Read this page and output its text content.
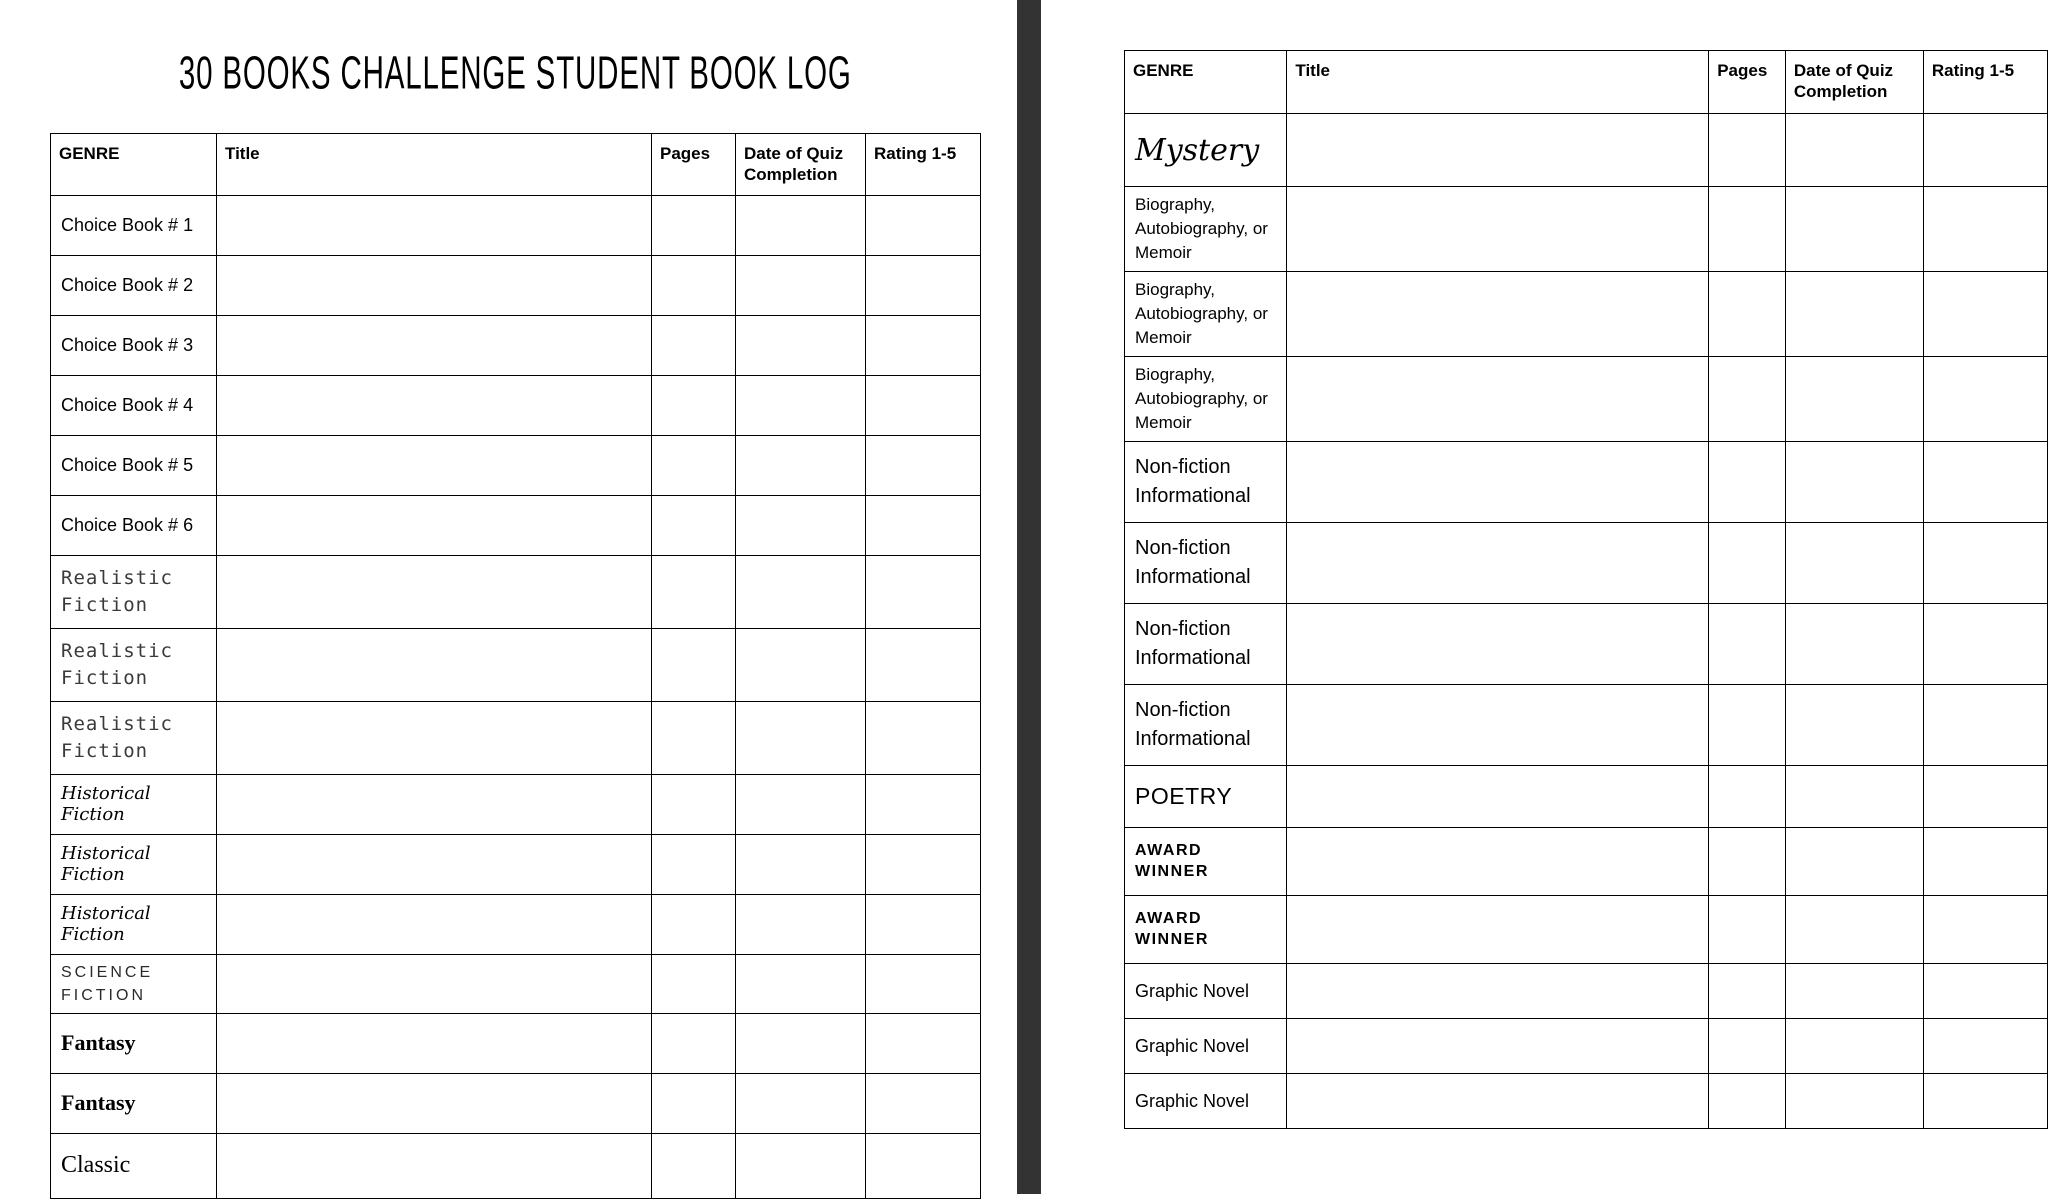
30 BOOKS CHALLENGE STUDENT BOOK LOG
GENRE	Title	Pages	Date of Quiz Completion	Rating 1-5
Choice Book # 1				
Choice Book # 2				
Choice Book # 3				
Choice Book # 4				
Choice Book # 5				
Choice Book # 6				
Realistic Fiction				
Realistic Fiction				
Realistic Fiction				
Historical Fiction				
Historical Fiction				
Historical Fiction				
SCIENCE FICTION				
Fantasy				
Fantasy				
Classic				
GENRE	Title	Pages	Date of Quiz Completion	Rating 1-5
Mystery				
Biography, Autobiography, or Memoir				
Biography, Autobiography, or Memoir				
Biography, Autobiography, or Memoir				
Non-fiction Informational				
Non-fiction Informational				
Non-fiction Informational				
Non-fiction Informational				
POETRY				
AWARD WINNER				
AWARD WINNER				
Graphic Novel				
Graphic Novel				
Graphic Novel				
